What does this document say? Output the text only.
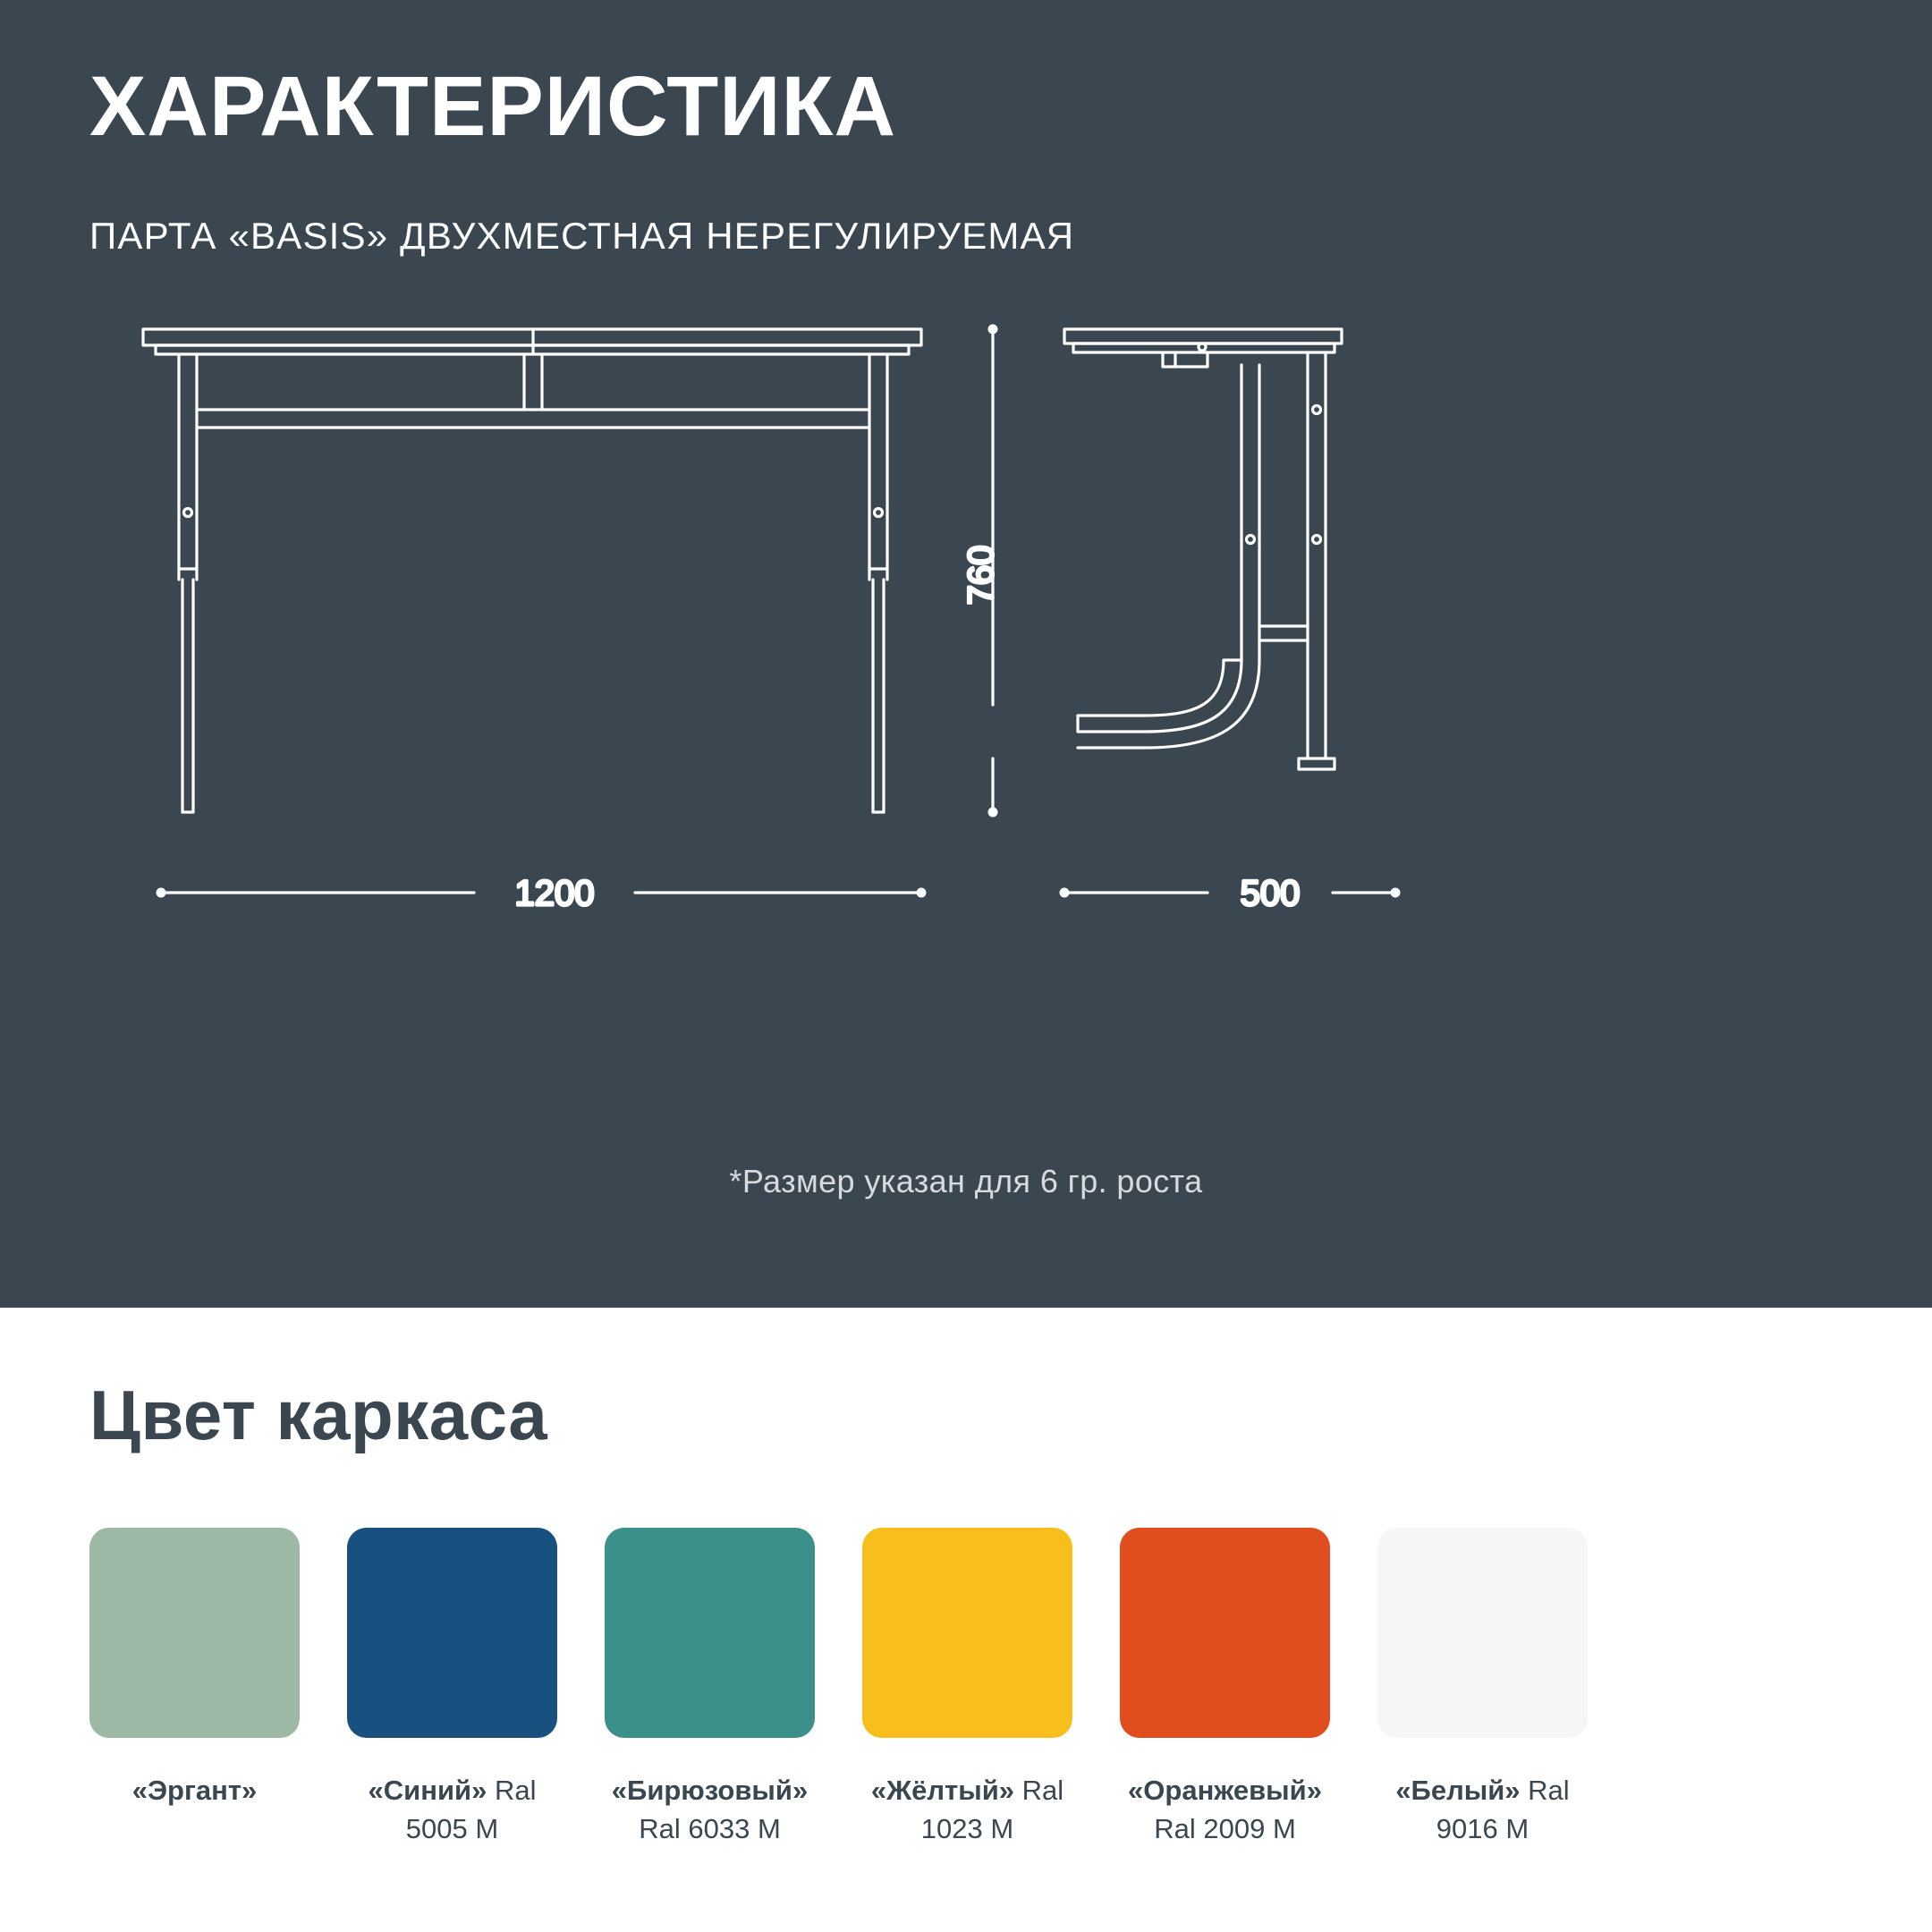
ХАРАКТЕРИСТИКА
ПАРТА «BASIS» ДВУХМЕСТНАЯ НЕРЕГУЛИРУЕМАЯ
760
1200	500
*Размер указан для 6 гр. роста
Цвет каркаса
«Эргант»	«Синий» Ral 5005 M
«Бирюзовый» Ral 6033 M
«Жёлтый» Ral 1023 M
«Оранжевый» Ral 2009 M
«Белый» Ral 9016 M
